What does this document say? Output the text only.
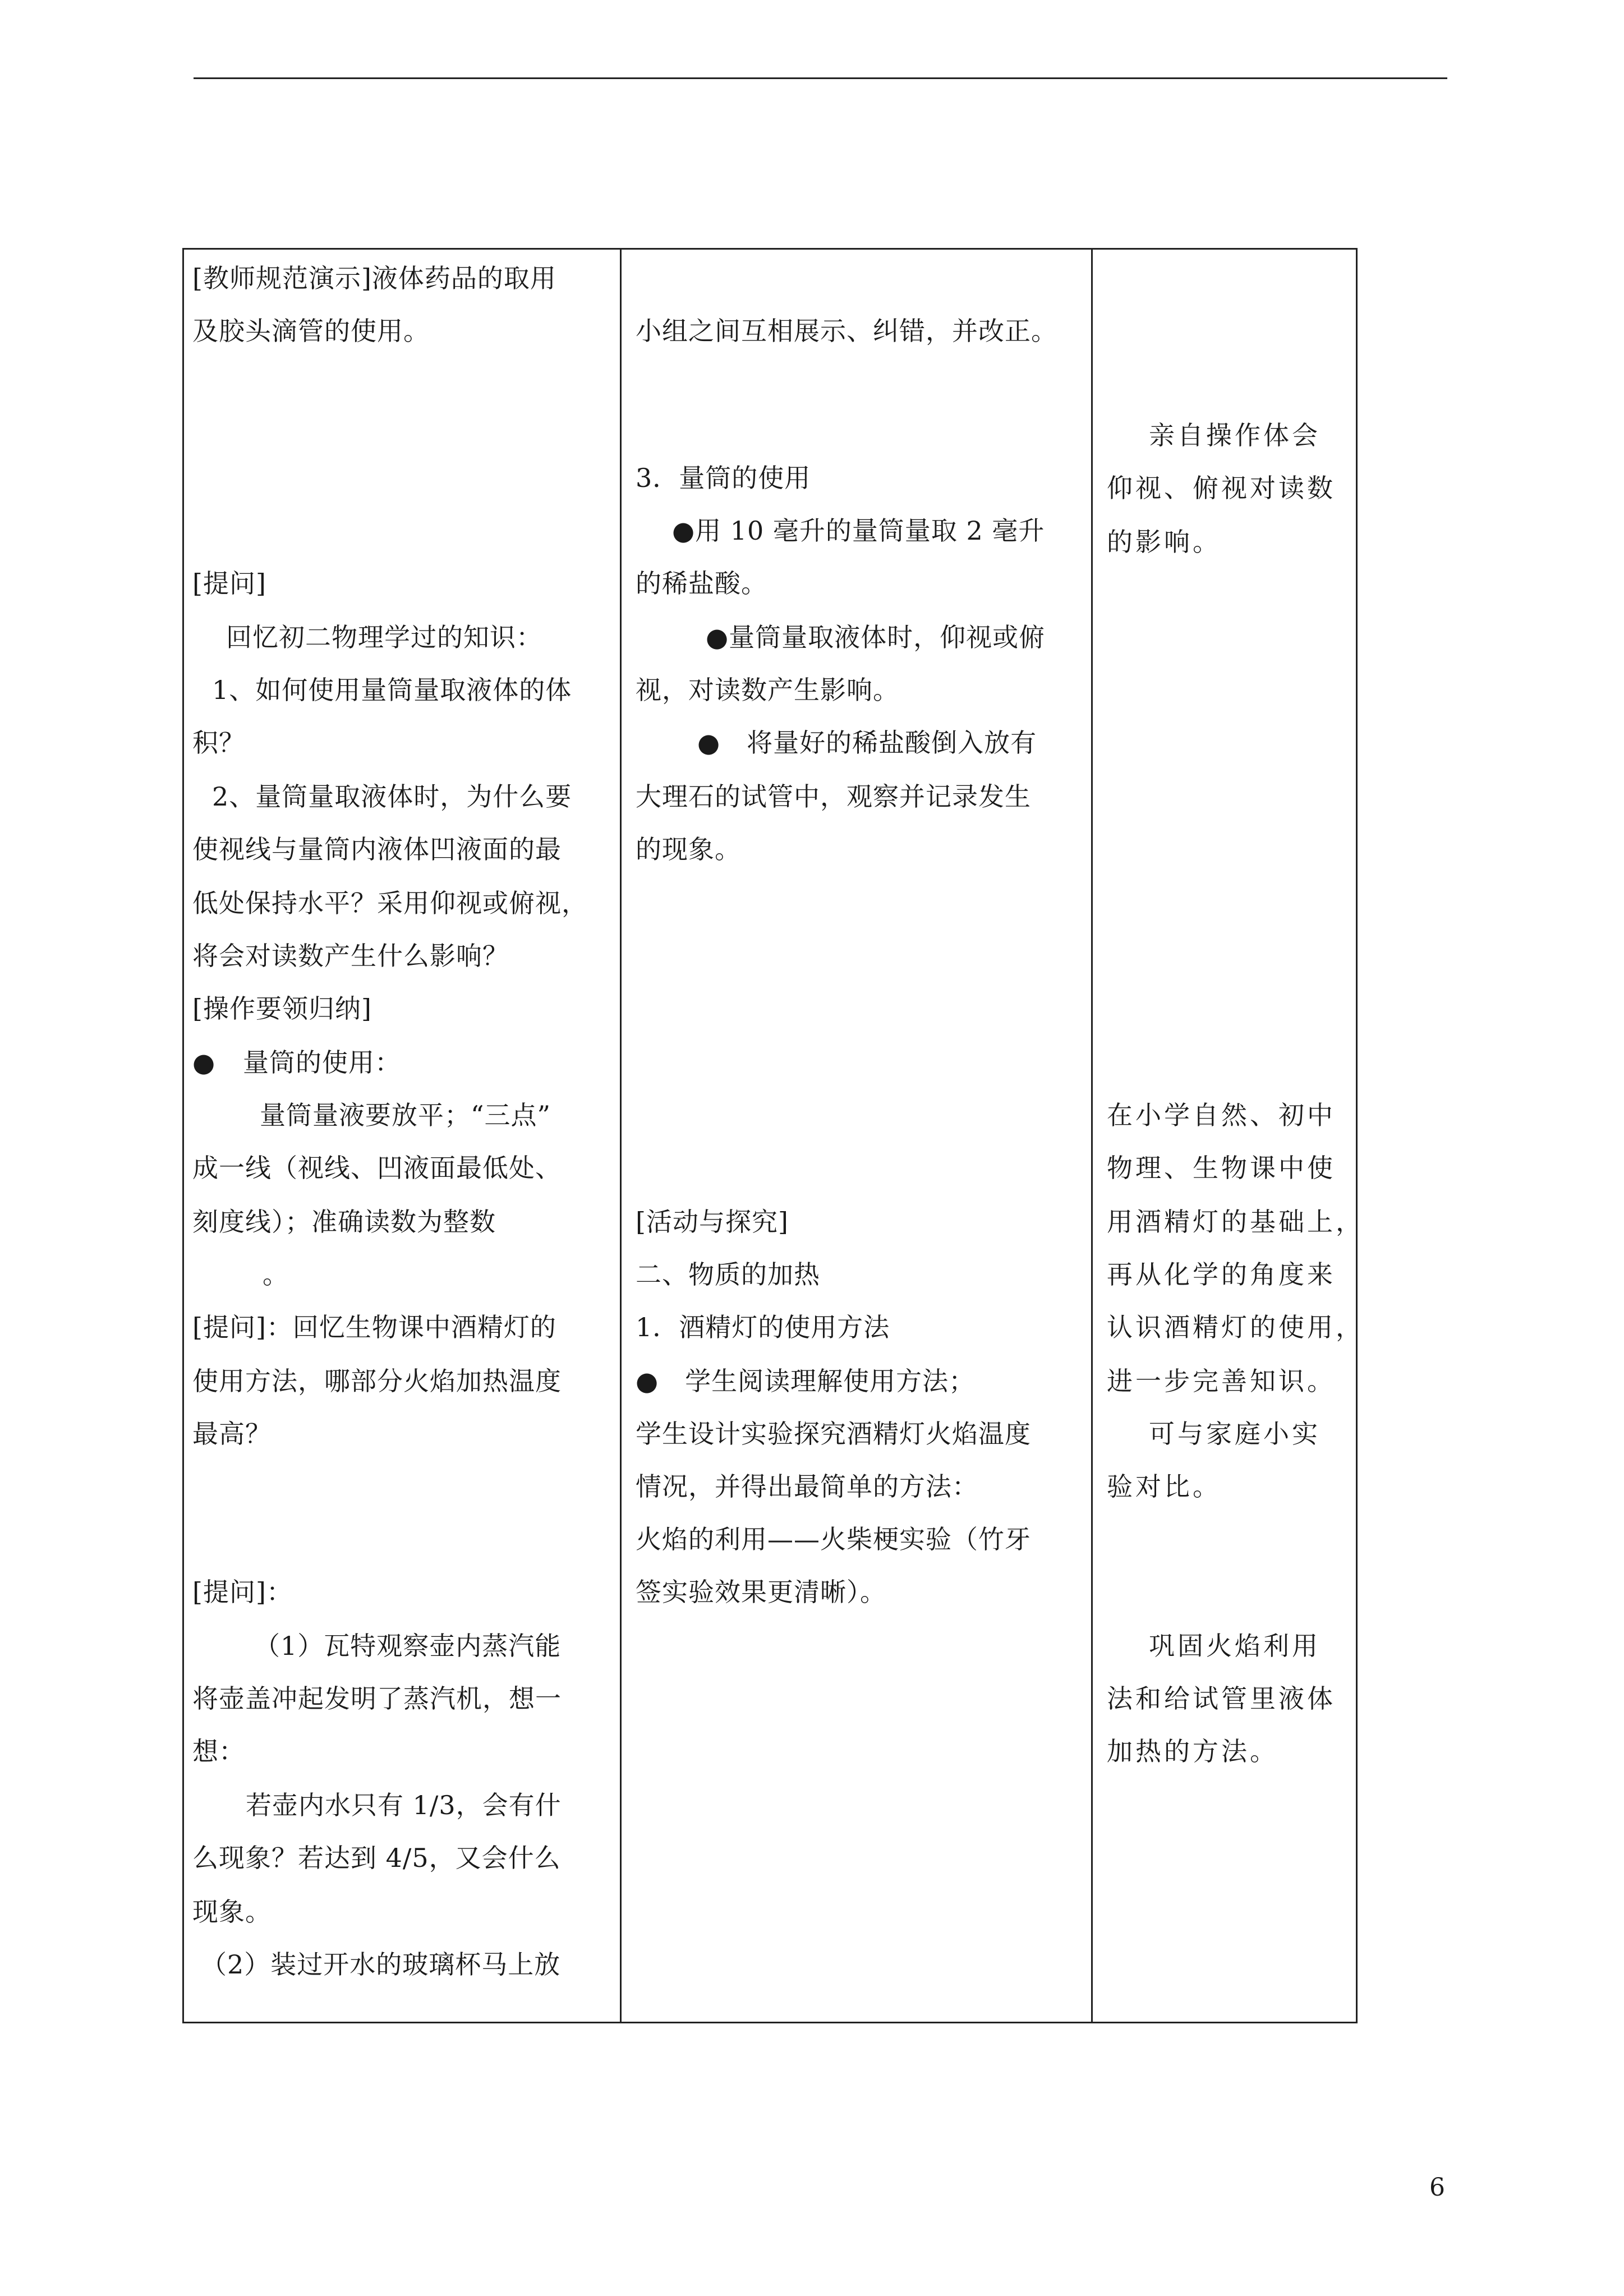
[教师规范演示]液体药品的取用
及胶头滴管的使用。
[提问]
回忆初二物理学过的知识：
1、如何使用量筒量取液体的体
积？
2、量筒量取液体时，为什么要
使视线与量筒内液体凹液面的最
低处保持水平？采用仰视或俯视，
将会对读数产生什么影响？
[操作要领归纳]
● 量筒的使用：
量筒量液要放平；“三点”
成一线（视线、凹液面最低处、
刻度线）；准确读数为整数
。
[提问]：回忆生物课中酒精灯的
使用方法，哪部分火焰加热温度
最高？
[提问]：
（1）瓦特观察壶内蒸汽能
将壶盖冲起发明了蒸汽机，想一
想：
若壶内水只有 1/3，会有什
么现象？若达到 4/5，又会什么
现象。
（2）装过开水的玻璃杯马上放
小组之间互相展示、纠错，并改正。
3．量筒的使用
●用 10 毫升的量筒量取 2 毫升
的稀盐酸。
●量筒量取液体时，仰视或俯
视，对读数产生影响。
●　将量好的稀盐酸倒入放有
大理石的试管中，观察并记录发生
的现象。
[活动与探究]
二、物质的加热
1．酒精灯的使用方法
●　学生阅读理解使用方法；
学生设计实验探究酒精灯火焰温度
情况，并得出最简单的方法：
火焰的利用——火柴梗实验（竹牙
签实验效果更清晰）。
亲自操作体会
仰视、俯视对读数
的影响。
在小学自然、初中
物理、生物课中使
用酒精灯的基础上，
再从化学的角度来
认识酒精灯的使用，
进一步完善知识。
可与家庭小实
验对比。
巩固火焰利用
法和给试管里液体
加热的方法。
6
